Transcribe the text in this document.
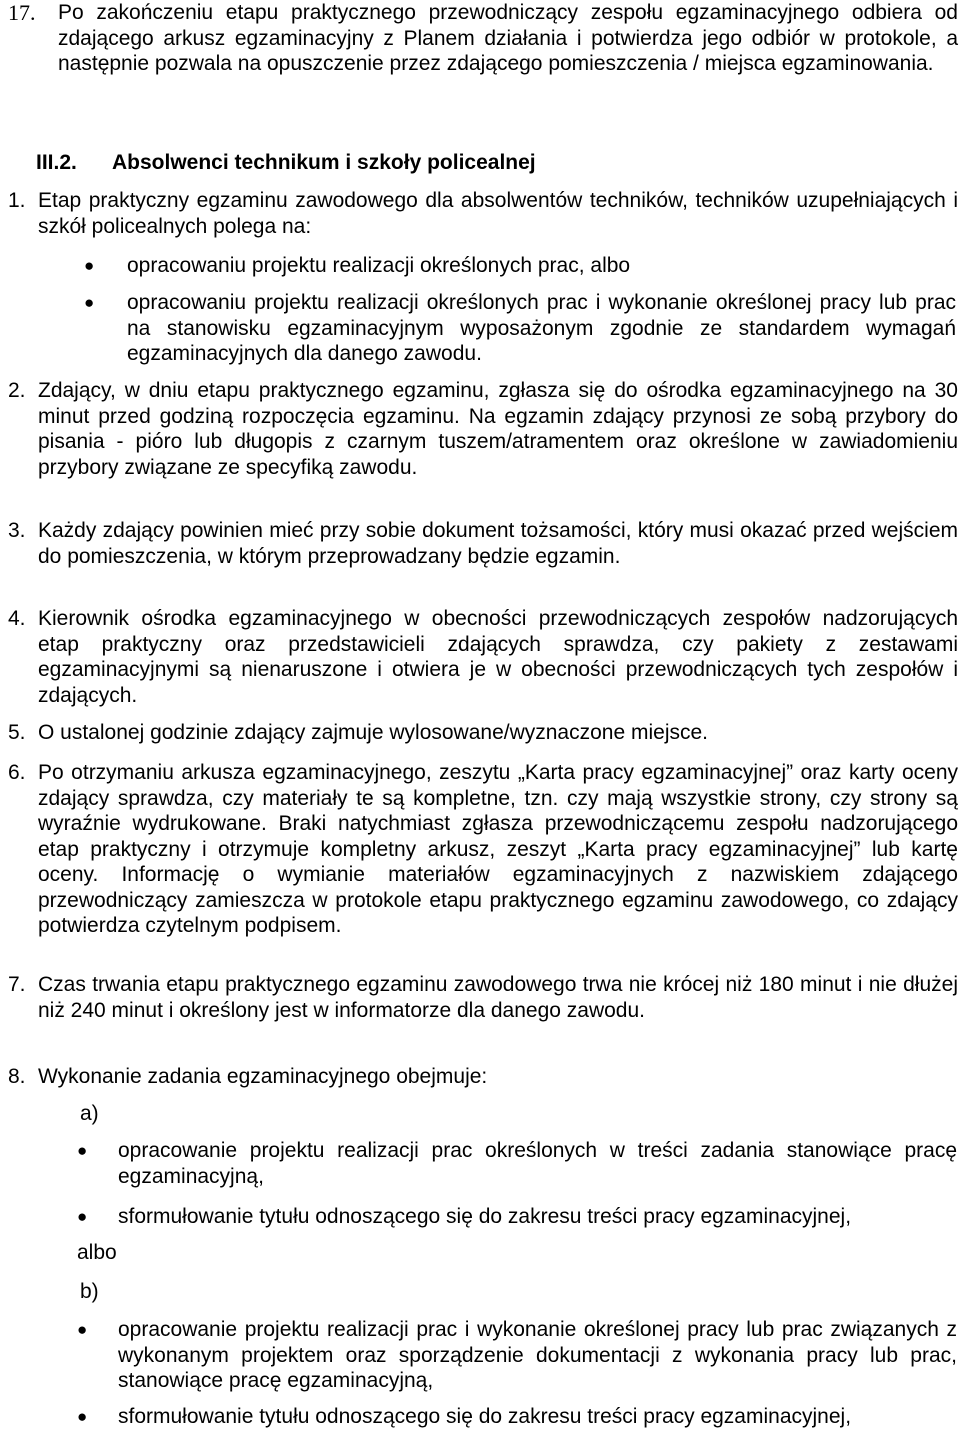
17. Po zakończeniu etapu praktycznego przewodniczący zespołu egzaminacyjnego odbiera od zdającego arkusz egzaminacyjny z Planem działania i potwierdza jego odbiór w protokole, a następnie pozwala na opuszczenie przez zdającego pomieszczenia / miejsca egzaminowania.
III.2. Absolwenci technikum i szkoły policealnej
1. Etap praktyczny egzaminu zawodowego dla absolwentów techników, techników uzupełniających i szkół policealnych polega na:
● opracowaniu projektu realizacji określonych prac, albo
● opracowaniu projektu realizacji określonych prac i wykonanie określonej pracy lub prac na stanowisku egzaminacyjnym wyposażonym zgodnie ze standardem wymagań egzaminacyjnych dla danego zawodu.
2. Zdający, w dniu etapu praktycznego egzaminu, zgłasza się do ośrodka egzaminacyjnego na 30 minut przed godziną rozpoczęcia egzaminu. Na egzamin zdający przynosi ze sobą przybory do pisania - pióro lub długopis z czarnym tuszem/atramentem oraz określone w zawiadomieniu przybory związane ze specyfiką zawodu.
3. Każdy zdający powinien mieć przy sobie dokument tożsamości, który musi okazać przed wejściem do pomieszczenia, w którym przeprowadzany będzie egzamin.
4. Kierownik ośrodka egzaminacyjnego w obecności przewodniczących zespołów nadzorujących etap praktyczny oraz przedstawicieli zdających sprawdza, czy pakiety z zestawami egzaminacyjnymi są nienaruszone i otwiera je w obecności przewodniczących tych zespołów i zdających.
5. O ustalonej godzinie zdający zajmuje wylosowane/wyznaczone miejsce.
6. Po otrzymaniu arkusza egzaminacyjnego, zeszytu „Karta pracy egzaminacyjnej” oraz karty oceny zdający sprawdza, czy materiały te są kompletne, tzn. czy mają wszystkie strony, czy strony są wyraźnie wydrukowane. Braki natychmiast zgłasza przewodniczącemu zespołu nadzorującego etap praktyczny i otrzymuje kompletny arkusz, zeszyt „Karta pracy egzaminacyjnej” lub kartę oceny. Informację o wymianie materiałów egzaminacyjnych z nazwiskiem zdającego przewodniczący zamieszcza w protokole etapu praktycznego egzaminu zawodowego, co zdający potwierdza czytelnym podpisem.
7. Czas trwania etapu praktycznego egzaminu zawodowego trwa nie krócej niż 180 minut i nie dłużej niż 240 minut i określony jest w informatorze dla danego zawodu.
8. Wykonanie zadania egzaminacyjnego obejmuje:
a)
● opracowanie projektu realizacji prac określonych w treści zadania stanowiące pracę egzaminacyjną,
● sformułowanie tytułu odnoszącego się do zakresu treści pracy egzaminacyjnej,
albo
b)
● opracowanie projektu realizacji prac i wykonanie określonej pracy lub prac związanych z wykonanym projektem oraz sporządzenie dokumentacji z wykonania pracy lub prac, stanowiące pracę egzaminacyjną,
● sformułowanie tytułu odnoszącego się do zakresu treści pracy egzaminacyjnej,
